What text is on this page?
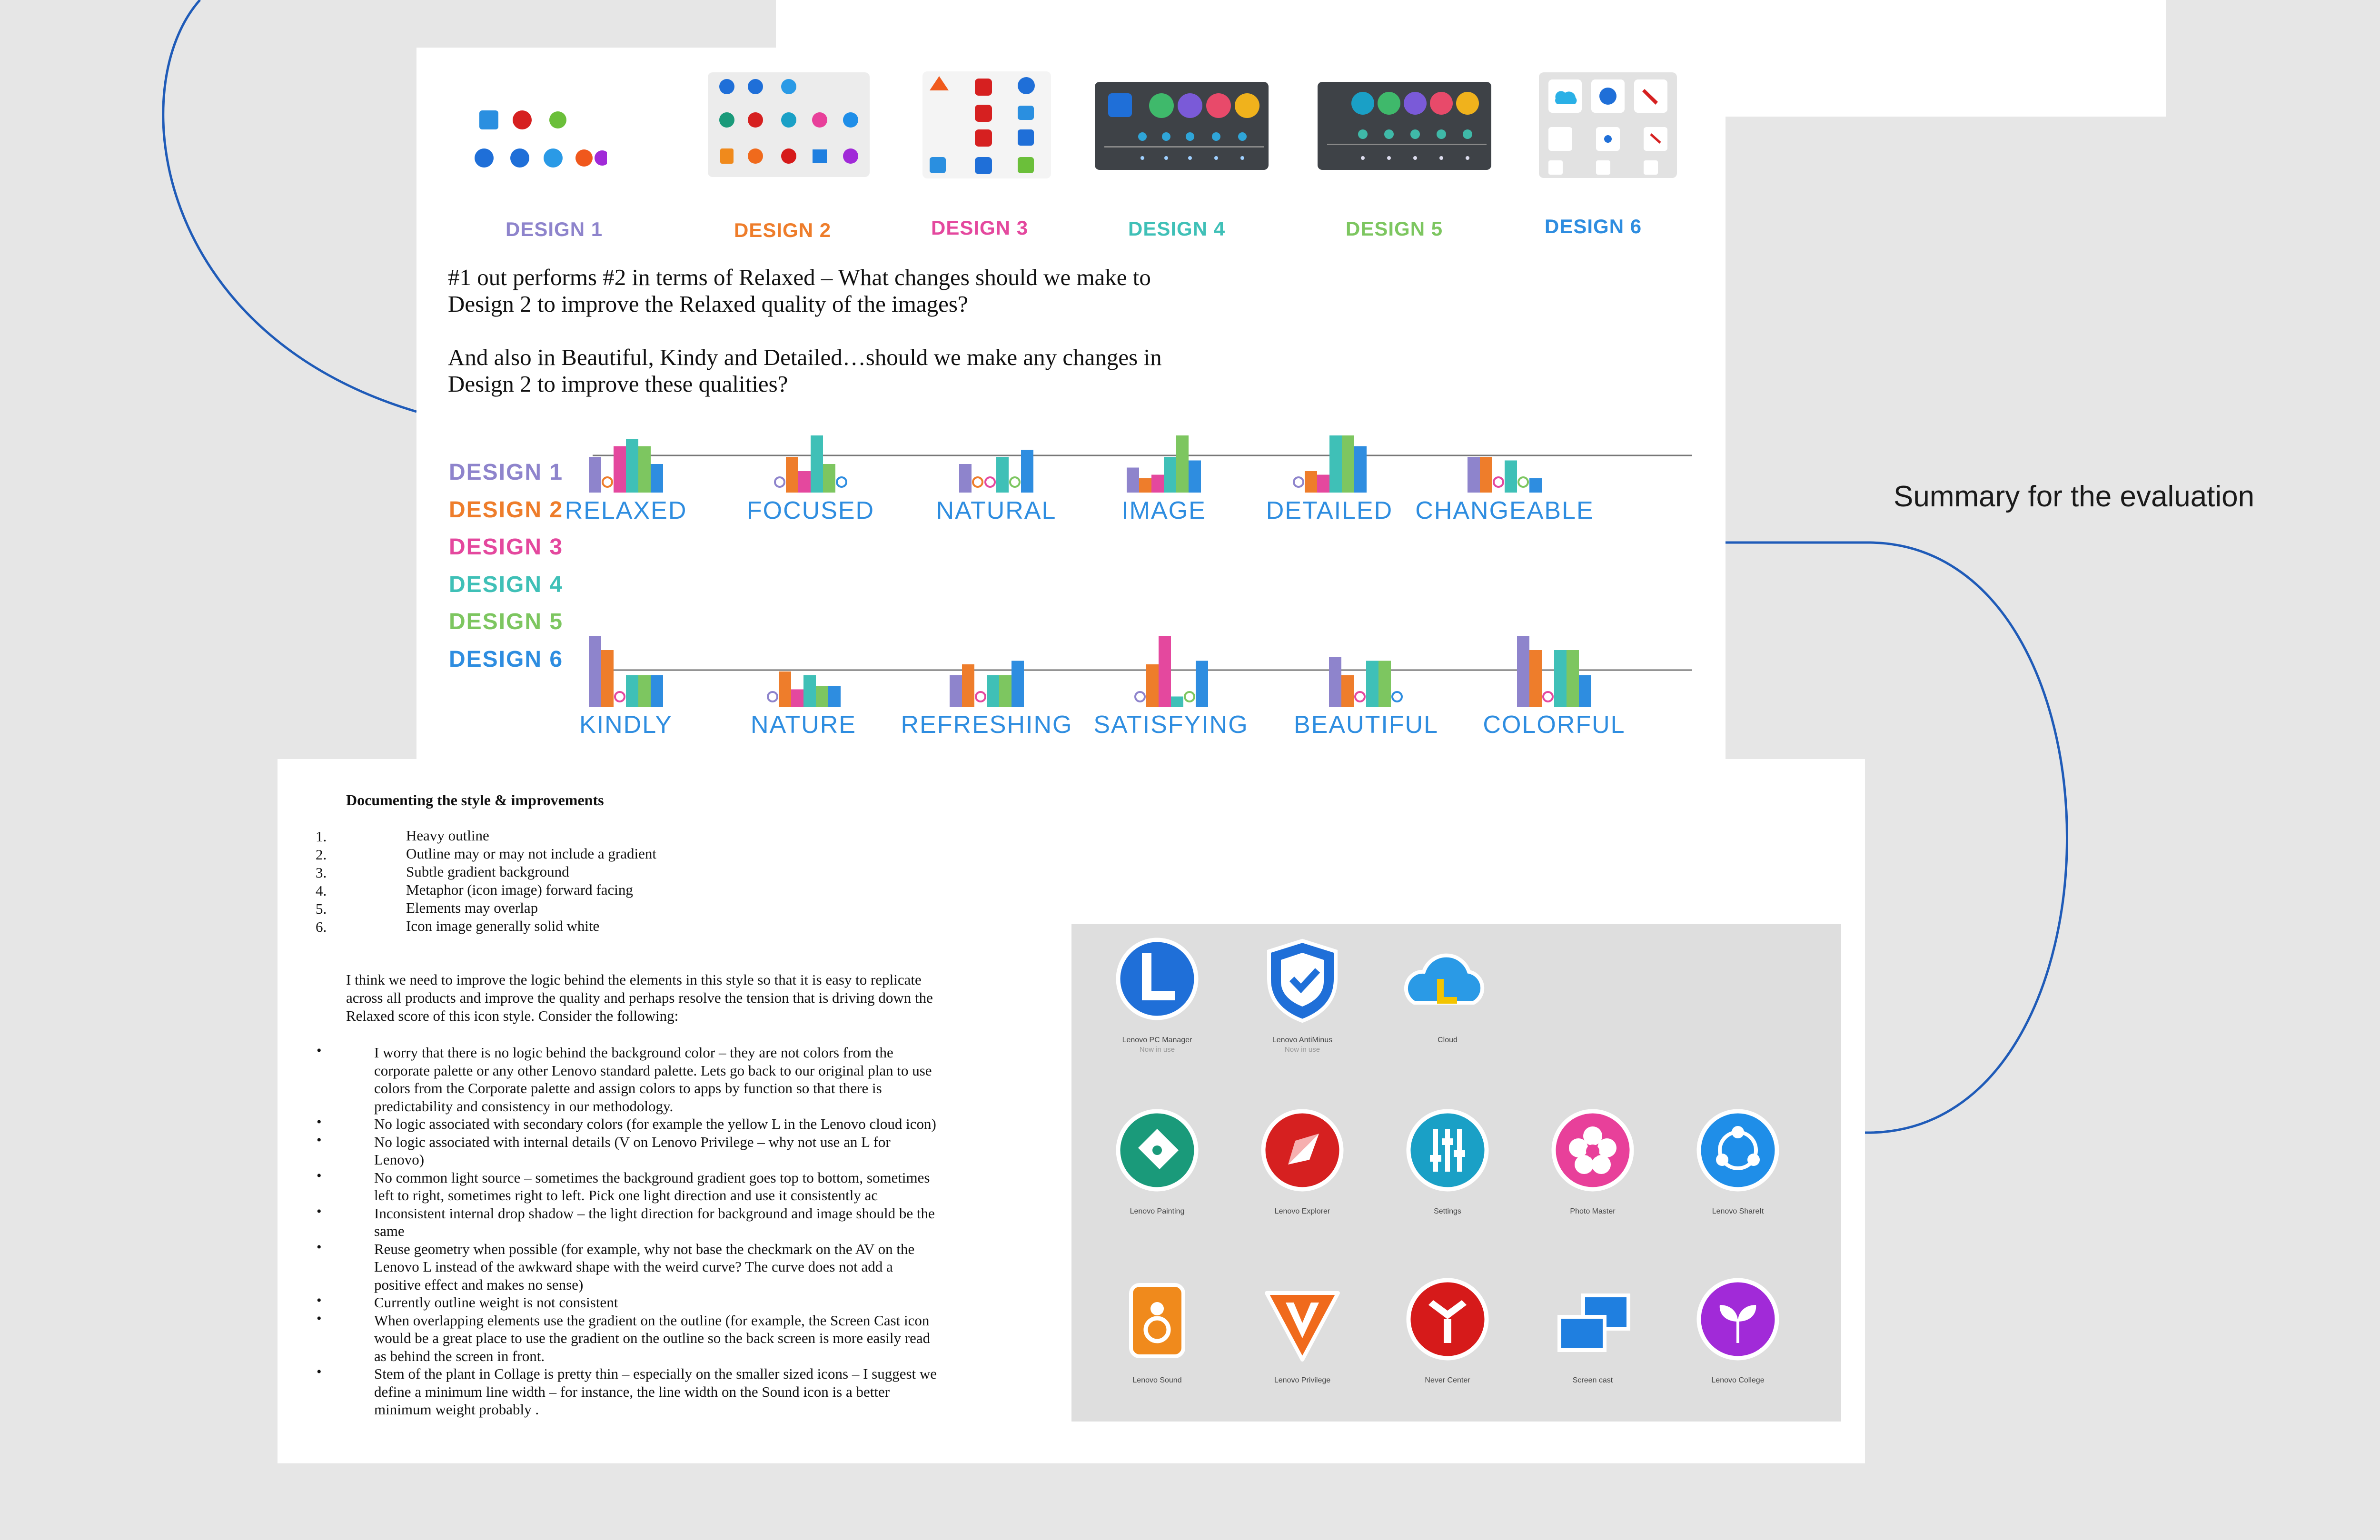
Summary for the evaluation
DESIGN 1	DESIGN 2	DESIGN 3	DESIGN 4	DESIGN 5	DESIGN 6
#1 out performs #2 in terms of Relaxed – What changes should we make to
Design 2 to improve the Relaxed quality of the images?
And also in Beautiful, Kindy and Detailed…should we make any changes in
Design 2 to improve these qualities?
DESIGN 1
DESIGN 2
DESIGN 3
DESIGN 4
DESIGN 5
DESIGN 6
RELAXED FOCUSED NATURAL	IMAGE DETAILED CHANGEABLE
KINDLY	NATURE REFRESHING SATISFYING BEAUTIFUL COLORFUL
Documenting the style & improvements
1.	Heavy outline
2.	Outline may or may not include a gradient
3.	Subtle gradient background
4.	Metaphor (icon image) forward facing
5.	Elements may overlap
6.	Icon image generally solid white
I think we need to improve the logic behind the elements in this style so that it is easy to replicate
across all products and improve the quality and perhaps resolve the tension that is driving down the
Relaxed score of this icon style. Consider the following:
•	I worry that there is no logic behind the background color – they are not colors from the
corporate palette or any other Lenovo standard palette. Lets go back to our original plan to use
colors from the Corporate palette and assign colors to apps by function so that there is
predictability and consistency in our methodology.
•	No logic associated with secondary colors (for example the yellow L in the Lenovo cloud icon)
•	No logic associated with internal details (V on Lenovo Privilege – why not use an L for
Lenovo)
•	No common light source – sometimes the background gradient goes top to bottom, sometimes
left to right, sometimes right to left. Pick one light direction and use it consistently ac
•	Inconsistent internal drop shadow – the light direction for background and image should be the
same
•	Reuse geometry when possible (for example, why not base the checkmark on the AV on the
Lenovo L instead of the awkward shape with the weird curve? The curve does not add a
positive effect and makes no sense)
•	Currently outline weight is not consistent
•	When overlapping elements use the gradient on the outline (for example, the Screen Cast icon
would be a great place to use the gradient on the outline so the back screen is more easily read
as behind the screen in front.
•	Stem of the plant in Collage is pretty thin – especially on the smaller sized icons – I suggest we
define a minimum line width – for instance, the line width on the Sound icon is a better
minimum weight probably .
Lenovo PC Manager
Now in use
Lenovo AntiMinus
Now in use
Cloud
Lenovo Painting	Lenovo Explorer	Settings	Photo Master	Lenovo ShareIt
Lenovo Sound	Lenovo Privilege	Never Center	Screen cast	Lenovo College
